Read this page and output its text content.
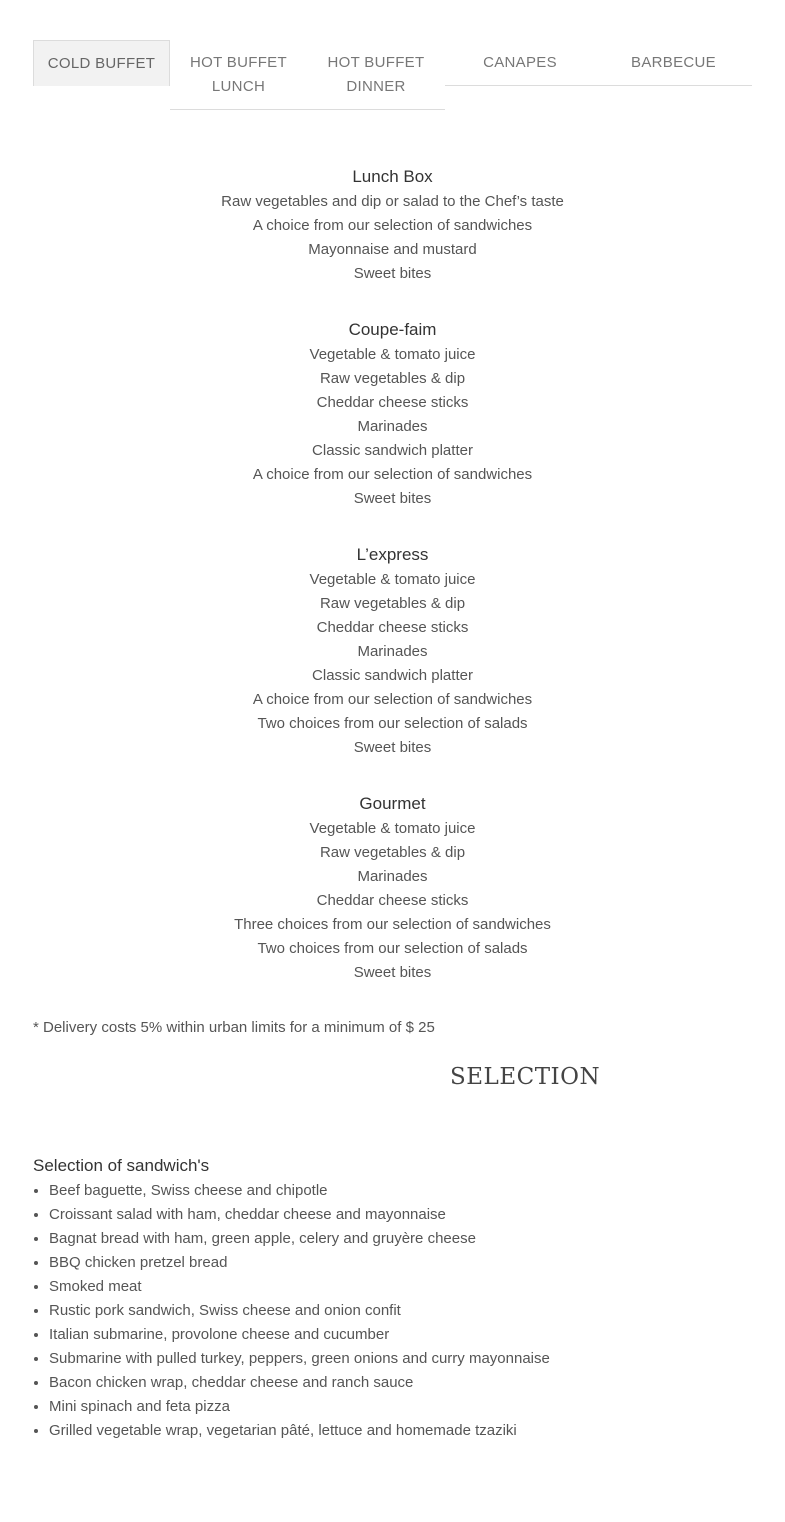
COLD BUFFET	HOT BUFFET
LUNCH
HOT BUFFET
DINNER
CANAPES	BARBECUE
Lunch Box
Raw vegetables and dip or salad to the Chef’s taste
A choice from our selection of sandwiches
Mayonnaise and mustard
Sweet bites
Coupe-faim
Vegetable & tomato juice
Raw vegetables & dip
Cheddar cheese sticks
Marinades
Classic sandwich platter
A choice from our selection of sandwiches
Sweet bites
L’express
Vegetable & tomato juice
Raw vegetables & dip
Cheddar cheese sticks
Marinades
Classic sandwich platter
A choice from our selection of sandwiches
Two choices from our selection of salads
Sweet bites
Gourmet
Vegetable & tomato juice
Raw vegetables & dip
Marinades
Cheddar cheese sticks
Three choices from our selection of sandwiches
Two choices from our selection of salads
Sweet bites
* Delivery costs 5% within urban limits for a minimum of $ 25
SELECTION
Selection of sandwich's
• Beef baguette, Swiss cheese and chipotle
• Croissant salad with ham, cheddar cheese and mayonnaise
• Bagnat bread with ham, green apple, celery and gruyère cheese
• BBQ chicken pretzel bread
• Smoked meat
• Rustic pork sandwich, Swiss cheese and onion confit
• Italian submarine, provolone cheese and cucumber
• Submarine with pulled turkey, peppers, green onions and curry mayonnaise
• Bacon chicken wrap, cheddar cheese and ranch sauce
• Mini spinach and feta pizza
• Grilled vegetable wrap, vegetarian pâté, lettuce and homemade tzaziki
